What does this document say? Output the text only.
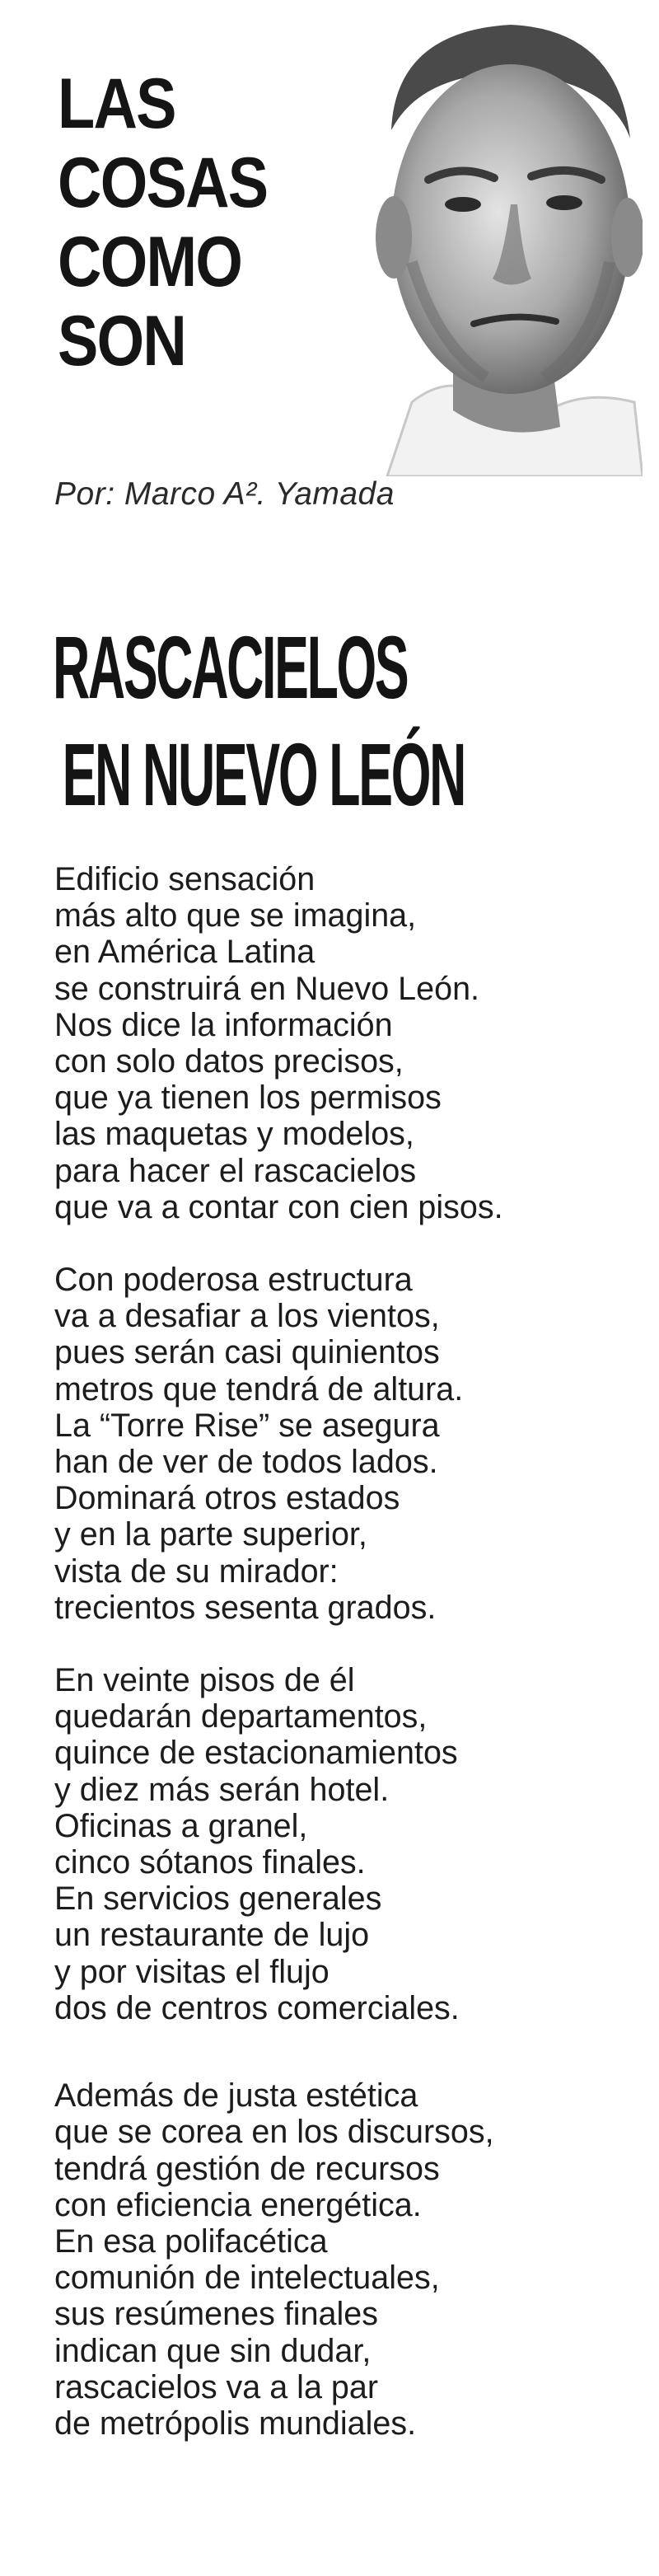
LAS
COSAS
COMO
SON
Por: Marco A². Yamada
RASCACIELOS
EN NUEVO LEÓN
Edificio sensación
más alto que se imagina,
en América Latina
se construirá en Nuevo León.
Nos dice la información
con solo datos precisos,
que ya tienen los permisos
las maquetas y modelos,
para hacer el rascacielos
que va a contar con cien pisos.
Con poderosa estructura
va a desafiar a los vientos,
pues serán casi quinientos
metros que tendrá de altura.
La “Torre Rise” se asegura
han de ver de todos lados.
Dominará otros estados
y en la parte superior,
vista de su mirador:
trecientos sesenta grados.
En veinte pisos de él
quedarán departamentos,
quince de estacionamientos
y diez más serán hotel.
Oficinas a granel,
cinco sótanos finales.
En servicios generales
un restaurante de lujo
y por visitas el flujo
dos de centros comerciales.
Además de justa estética
que se corea en los discursos,
tendrá gestión de recursos
con eficiencia energética.
En esa polifacética
comunión de intelectuales,
sus resúmenes finales
indican que sin dudar,
rascacielos va a la par
de metrópolis mundiales.
